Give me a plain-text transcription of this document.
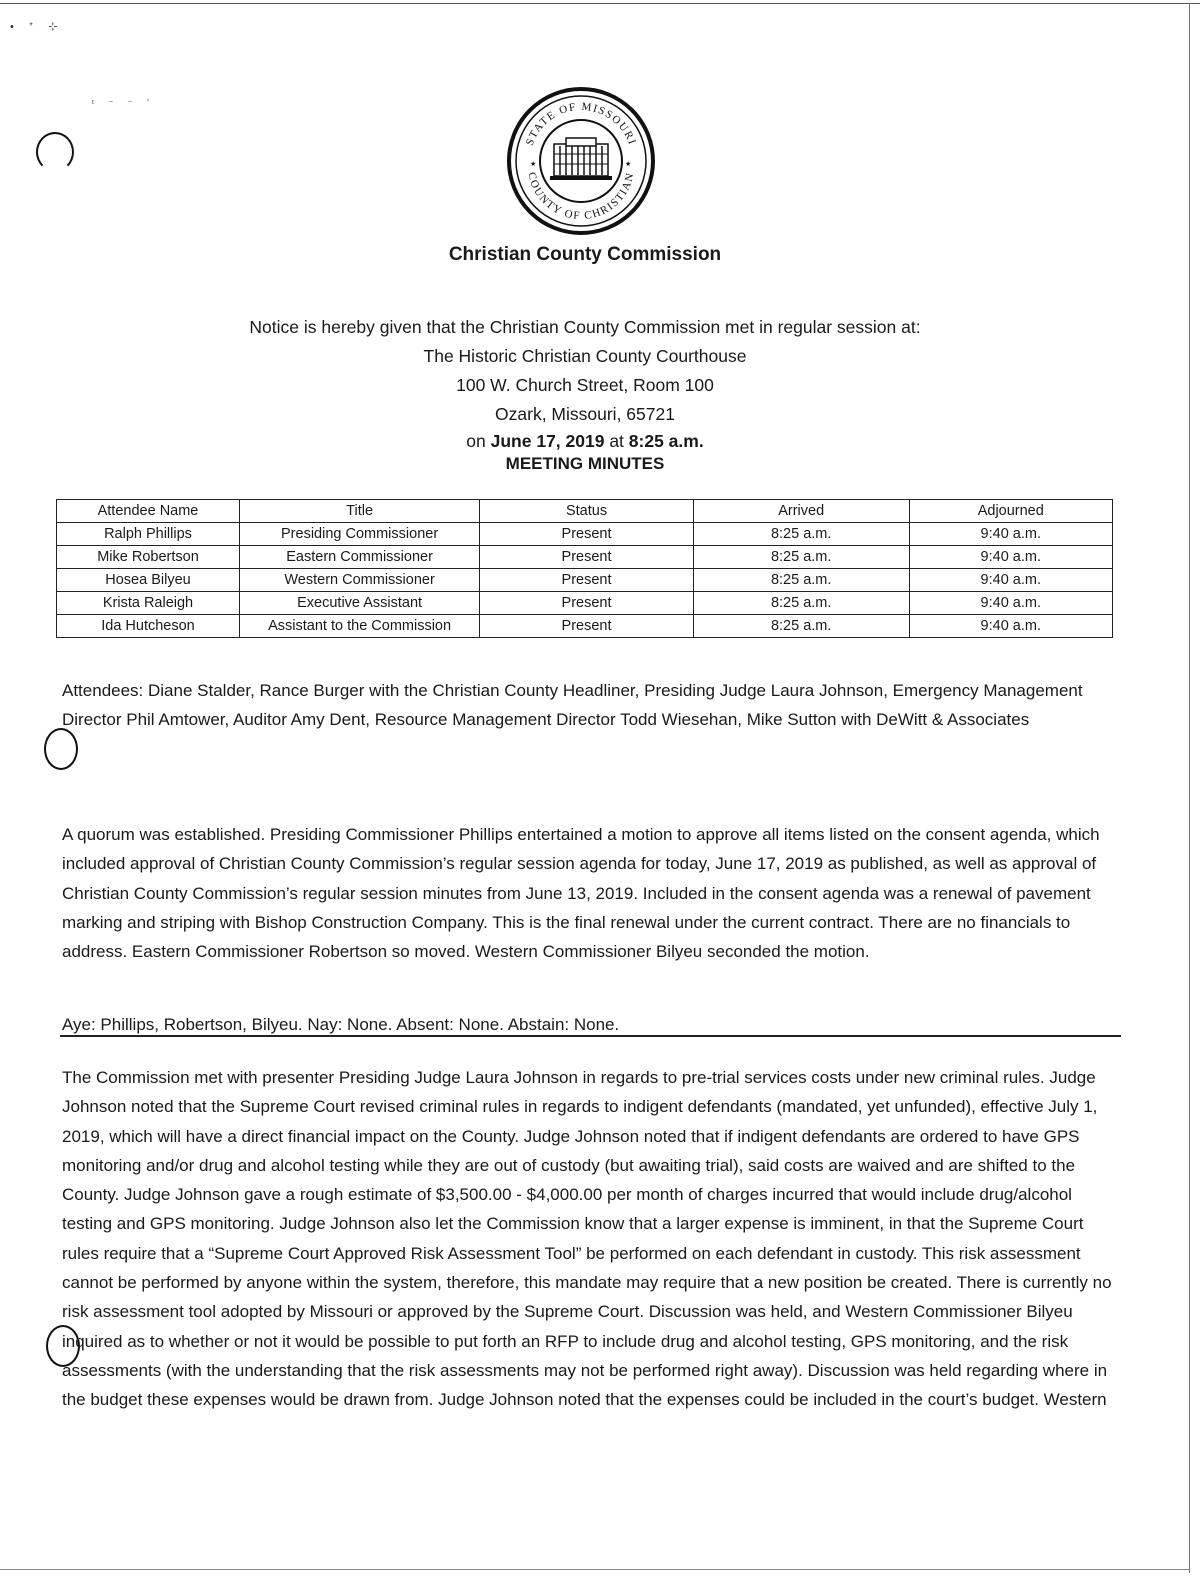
• ᐩ ⊹
ᵗ ⁻ ⁻ ʼ
STATE OF MISSOURI
COUNTY OF CHRISTIAN
★	★
Christian County Commission
Notice is hereby given that the Christian County Commission met in regular session at:
The Historic Christian County Courthouse
100 W. Church Street, Room 100
Ozark, Missouri, 65721
on June 17, 2019 at 8:25 a.m.
MEETING MINUTES
Attendee Name	Title	Status	Arrived	Adjourned
Ralph Phillips	Presiding Commissioner	Present	8:25 a.m.	9:40 a.m.
Mike Robertson	Eastern Commissioner	Present	8:25 a.m.	9:40 a.m.
Hosea Bilyeu	Western Commissioner	Present	8:25 a.m.	9:40 a.m.
Krista Raleigh	Executive Assistant	Present	8:25 a.m.	9:40 a.m.
Ida Hutcheson	Assistant to the Commission	Present	8:25 a.m.	9:40 a.m.
Attendees: Diane Stalder, Rance Burger with the Christian County Headliner, Presiding Judge Laura Johnson, Emergency Management Director Phil Amtower, Auditor Amy Dent, Resource Management Director Todd Wiesehan, Mike Sutton with DeWitt & Associates
A quorum was established. Presiding Commissioner Phillips entertained a motion to approve all items listed on the consent agenda, which included approval of Christian County Commission’s regular session agenda for today, June 17, 2019 as published, as well as approval of Christian County Commission’s regular session minutes from June 13, 2019. Included in the consent agenda was a renewal of pavement marking and striping with Bishop Construction Company. This is the final renewal under the current contract. There are no financials to address. Eastern Commissioner Robertson so moved. Western Commissioner Bilyeu seconded the motion.
Aye: Phillips, Robertson, Bilyeu. Nay: None. Absent: None. Abstain: None.
The Commission met with presenter Presiding Judge Laura Johnson in regards to pre-trial services costs under new criminal rules. Judge Johnson noted that the Supreme Court revised criminal rules in regards to indigent defendants (mandated, yet unfunded), effective July 1, 2019, which will have a direct financial impact on the County. Judge Johnson noted that if indigent defendants are ordered to have GPS monitoring and/or drug and alcohol testing while they are out of custody (but awaiting trial), said costs are waived and are shifted to the County. Judge Johnson gave a rough estimate of $3,500.00 - $4,000.00 per month of charges incurred that would include drug/alcohol testing and GPS monitoring. Judge Johnson also let the Commission know that a larger expense is imminent, in that the Supreme Court rules require that a “Supreme Court Approved Risk Assessment Tool” be performed on each defendant in custody. This risk assessment cannot be performed by anyone within the system, therefore, this mandate may require that a new position be created. There is currently no risk assessment tool adopted by Missouri or approved by the Supreme Court. Discussion was held, and Western Commissioner Bilyeu inquired as to whether or not it would be possible to put forth an RFP to include drug and alcohol testing, GPS monitoring, and the risk assessments (with the understanding that the risk assessments may not be performed right away). Discussion was held regarding where in the budget these expenses would be drawn from. Judge Johnson noted that the expenses could be included in the court’s budget. Western
